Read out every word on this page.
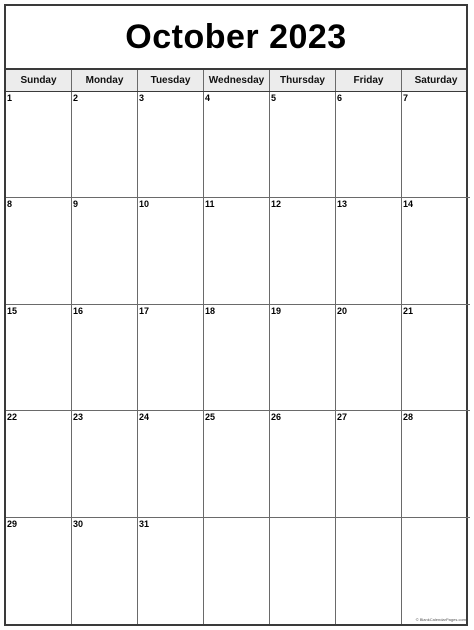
October 2023
Sunday	Monday	Tuesday	Wednesday	Thursday	Friday	Saturday
1	2	3	4	5	6	7
8	9	10	11	12	13	14
15	16	17	18	19	20	21
22	23	24	25	26	27	28
29	30	31
© BlankCalendarPages.com
